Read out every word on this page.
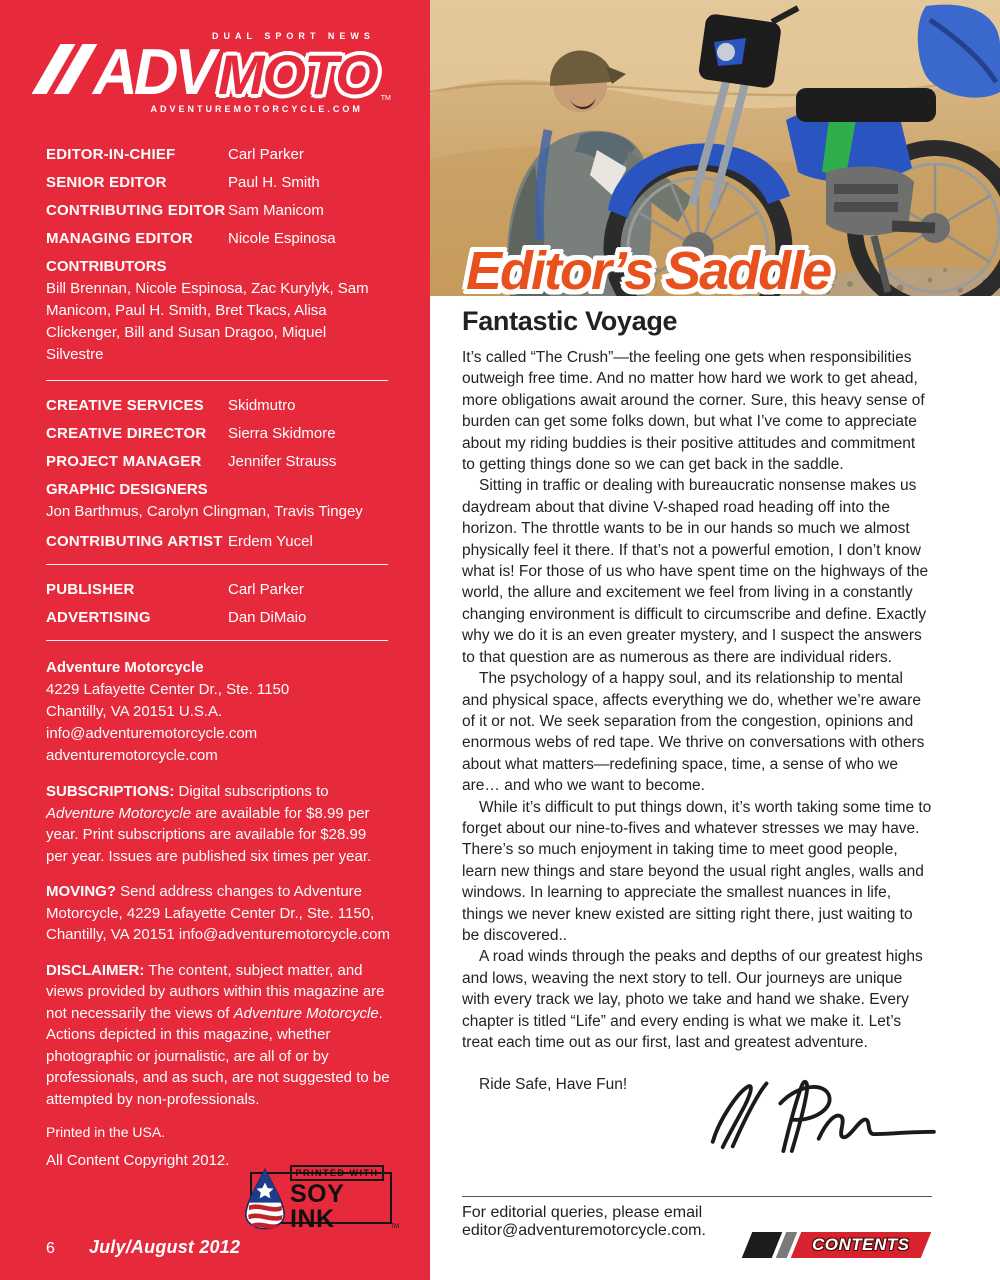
ADV DUAL SPORT NEWS
MOTO
ADVENTUREMOTORCYCLE.COM
TM
EDITOR-IN-CHIEF	Carl Parker
SENIOR EDITOR	Paul H. Smith
CONTRIBUTING EDITOR Sam Manicom
MANAGING EDITOR	Nicole Espinosa
CONTRIBUTORS
Bill Brennan, Nicole Espinosa, Zac Kurylyk, Sam Manicom, Paul H. Smith, Bret Tkacs, Alisa Clickenger, Bill and Susan Dragoo, Miquel Silvestre
CREATIVE SERVICES	Skidmutro
CREATIVE DIRECTOR	Sierra Skidmore
PROJECT MANAGER	Jennifer Strauss
GRAPHIC DESIGNERS
Jon Barthmus, Carolyn Clingman, Travis Tingey
CONTRIBUTING ARTIST Erdem Yucel
PUBLISHER	Carl Parker
ADVERTISING	Dan DiMaio
Adventure Motorcycle
4229 Lafayette Center Dr., Ste. 1150
Chantilly, VA 20151 U.S.A.
info@adventuremotorcycle.com
adventuremotorcycle.com

SUBSCRIPTIONS: Digital subscriptions to Adventure Motorcycle are available for $8.99 per year. Print subscriptions are available for $28.99 per year. Issues are published six times per year.

MOVING? Send address changes to Adventure Motorcycle, 4229 Lafayette Center Dr., Ste. 1150, Chantilly, VA 20151 info@adventuremotorcycle.com

DISCLAIMER: The content, subject matter, and views provided by authors within this magazine are not necessarily the views of Adventure Motorcycle. Actions depicted in this magazine, whether photographic or journalistic, are all of or by professionals, and as such, are not suggested to be attempted by non-professionals.

Printed in the USA.
All Content Copyright 2012.
PRINTED WITH
SOY INK	TM
6 July/August 2012
Editor’s Saddle
Fantastic Voyage

It’s called “The Crush”—the feeling one gets when responsibilities outweigh free time. And no matter how hard we work to get ahead, more obligations await around the corner. Sure, this heavy sense of burden can get some folks down, but what I’ve come to appreciate about my riding buddies is their positive attitudes and commitment to getting things done so we can get back in the saddle.

Sitting in traffic or dealing with bureaucratic nonsense makes us daydream about that divine V-shaped road heading off into the horizon. The throttle wants to be in our hands so much we almost physically feel it there. If that’s not a powerful emotion, I don’t know what is! For those of us who have spent time on the highways of the world, the allure and excitement we feel from living in a constantly changing environment is difficult to circumscribe and define. Exactly why we do it is an even greater mystery, and I suspect the answers to that question are as numerous as there are individual riders.

The psychology of a happy soul, and its relationship to mental and physical space, affects everything we do, whether we’re aware of it or not. We seek separation from the congestion, opinions and enormous webs of red tape. We thrive on conversations with others about what matters—redefining space, time, a sense of who we are… and who we want to become.

While it’s difficult to put things down, it’s worth taking some time to forget about our nine-to-fives and whatever stresses we may have. There’s so much enjoyment in taking time to meet good people, learn new things and stare beyond the usual right angles, walls and windows. In learning to appreciate the smallest nuances in life, things we never knew existed are sitting right there, just waiting to be discovered..

A road winds through the peaks and depths of our greatest highs and lows, weaving the next story to tell. Our journeys are unique with every track we lay, photo we take and hand we shake. Every chapter is titled “Life” and every ending is what we make it. Let’s treat each time out as our first, last and greatest adventure.

Ride Safe, Have Fun!

For editorial queries, please email editor@adventuremotorcycle.com.
CONTENTS
